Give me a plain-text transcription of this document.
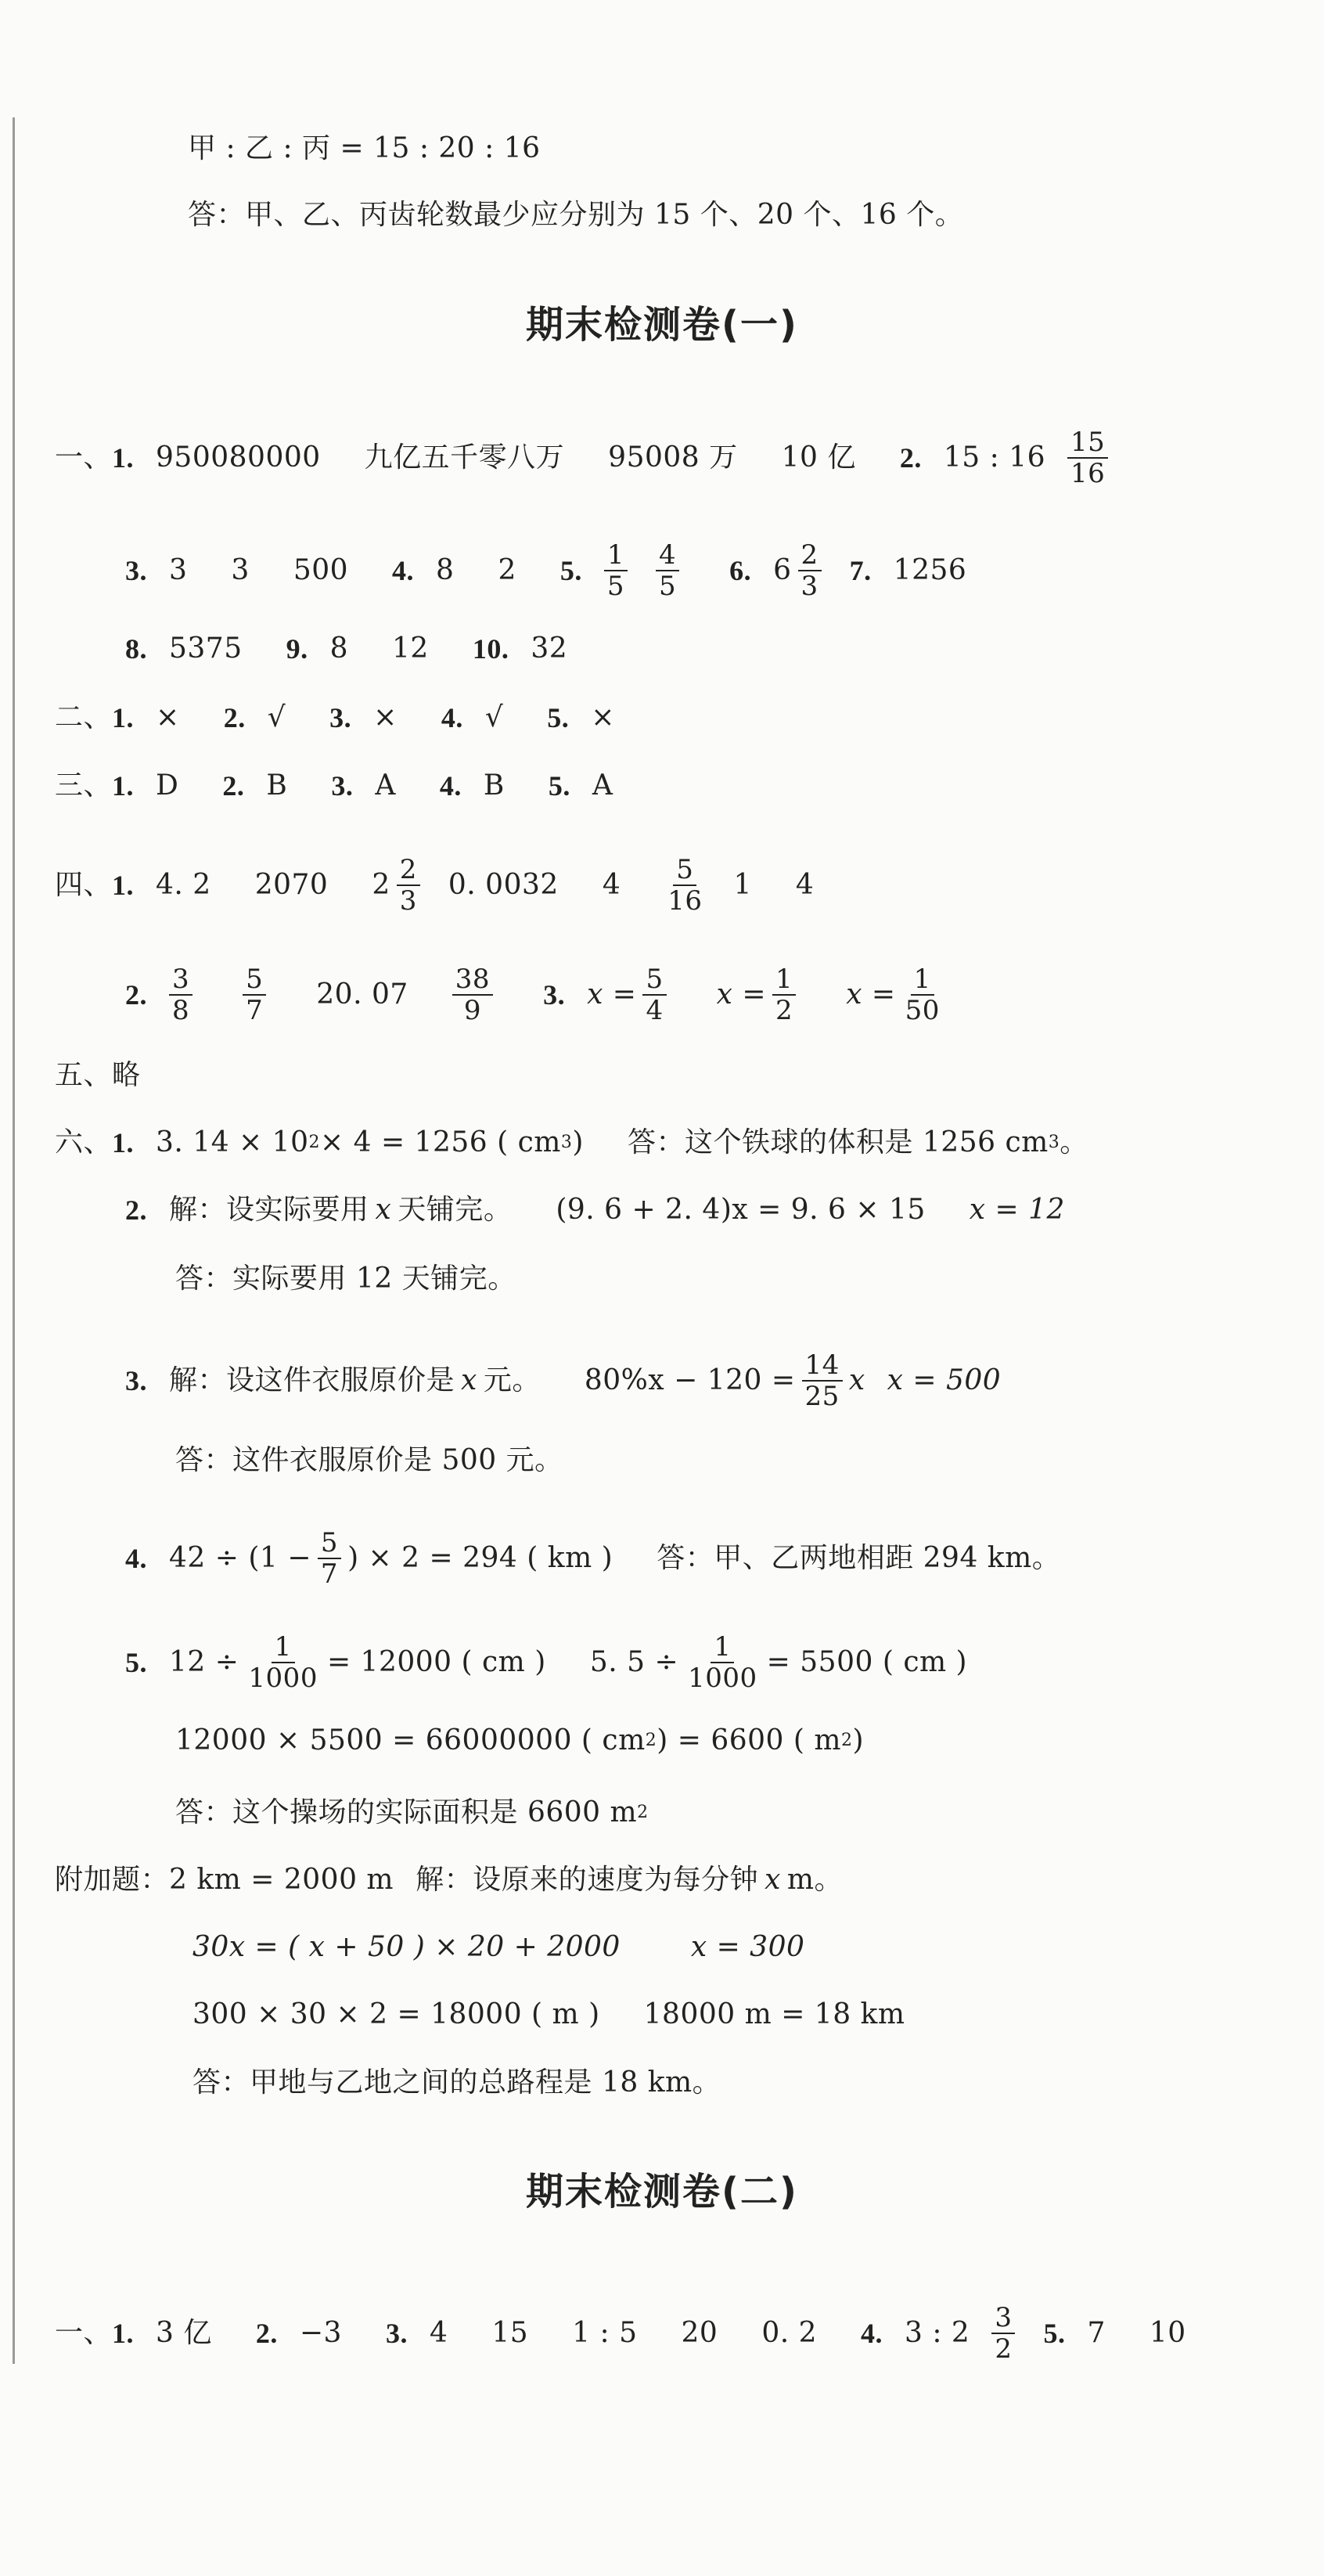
甲 : 乙 : 丙 = 15 : 20 : 16
答：甲、乙、丙齿轮数最少应分别为 15 个、20 个、16 个。
期末检测卷(一)
一、 1. 950080000 九亿五千零八万 95008 万 10 亿 2. 15 : $16 \frac{15}{16}$
3. 3 3 500 4. 8 2 5. $\frac{1}{5} \frac{4}{5} 6$. $6 \frac{2}{3} 7$. 1256
8. 5375 9. 8 12 10. 32
二、 1. × 2. √ 3. × 4. √ 5. ×
三、 1. D 2. B 3. A 4. B 5. A
四、 1. 4. 2 2070 $2 \frac{2}{3} 0$. 0032 $4 \frac{5}{16} 1$ 4
2. $\frac{3}{8} \frac{5}{7} 20$. $07 \frac{38}{9} 3$. $x = \frac{5}{4}$ $x = \frac{1}{2}$ $x = \frac{1}{50}$
五、略
六、 1. 3. 14 × 10 2 × 4 = 1256 ( cm 3 ) 答：这个铁球的体积是 1256 cm 3 。
2. 解：设实际要用 x 天铺完。 (9. 6 + 2. 4)x = 9. 6 × 15 x = 12
答：实际要用 12 天铺完。
3. 解：设这件衣服原价是 x 元。 $80\%x - 120 = \frac{14}{25}$ x x = 500
答：这件衣服原价是 500 元。
4. $42 \div (1 - \frac{5}{7}$ ) × 2 = 294 ( km ) 答：甲、乙两地相距 294 km。
5. $12 \div \frac{1}{1000} = 12000$ ( cm ) 5. $5 \div \frac{1}{1000} = 5500$ ( cm )
12000 × 5500 = 66000000 ( cm 2 ) = 6600 ( m 2 )
答：这个操场的实际面积是 6600 m 2
附加题： 2 km = 2000 m 解：设原来的速度为每分钟 x m。
30x = ( x + 50 ) × 20 + 2000	x = 300
300 × 30 × 2 = 18000 ( m ) 18000 m = 18 km
答：甲地与乙地之间的总路程是 18 km。
期末检测卷(二)
一、 1. 3 亿 2. −3 3. 4 15 1 : 5 20 0. 2 4. 3 : $2 \frac{3}{2} 5$. 7 10
